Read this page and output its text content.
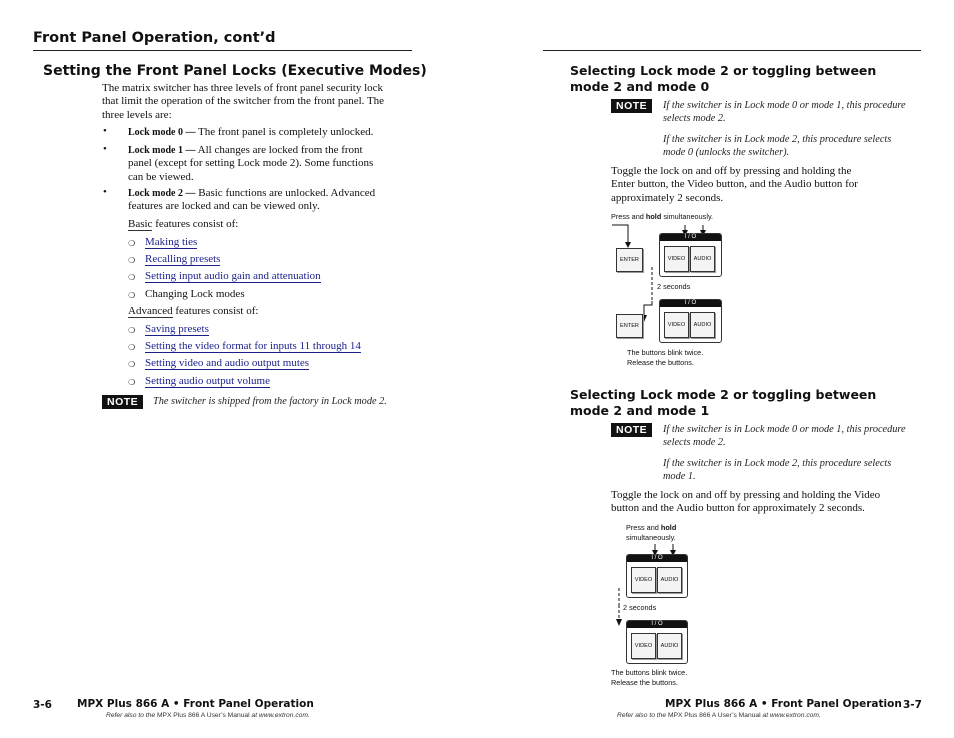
Front Panel Operation, cont’d
Setting the Front Panel Locks (Executive Modes)
The matrix switcher has three levels of front panel security lock
that limit the operation of the switcher from the front panel. The
three levels are:
• Lock mode 0 — The front panel is completely unlocked.
• Lock mode 1 — All changes are locked from the front
panel (except for setting Lock mode 2). Some functions
can be viewed.
• Lock mode 2 — Basic functions are unlocked. Advanced
features are locked and can be viewed only.
Basic features consist of:
❍ Making ties
❍ Recalling presets
❍ Setting input audio gain and attenuation
❍ Changing Lock modes
Advanced features consist of:
❍ Saving presets
❍ Setting the video format for inputs 11 through 14
❍ Setting video and audio output mutes
❍ Setting audio output volume
NOTE	The switcher is shipped from the factory in Lock mode 2.
3-6 MPX Plus 866 A • Front Panel Operation
Refer also to the MPX Plus 866 A User’s Manual at www.extron.com.
Selecting Lock mode 2 or toggling between
mode 2 and mode 0
NOTE	If the switcher is in Lock mode 0 or mode 1, this procedure
selects mode 2.
If the switcher is in Lock mode 2, this procedure selects
mode 0 (unlocks the switcher).
Toggle the lock on and off by pressing and holding the
Enter button, the Video button, and the Audio button for
approximately 2 seconds.
Press and hold simultaneously.
ENTER
I / O
VIDEO	AUDIO
2 seconds
ENTER
I / O
VIDEO	AUDIO
The buttons blink twice.
Release the buttons.
Selecting Lock mode 2 or toggling between
mode 2 and mode 1
NOTE	If the switcher is in Lock mode 0 or mode 1, this procedure
selects mode 2.
If the switcher is in Lock mode 2, this procedure selects
mode 1.
Toggle the lock on and off by pressing and holding the Video
button and the Audio button for approximately 2 seconds.
Press and hold
simultaneously.
I / O
VIDEO	AUDIO
2 seconds
I / O
VIDEO	AUDIO
The buttons blink twice.
Release the buttons.
MPX Plus 866 A • Front Panel Operation 3-7
Refer also to the MPX Plus 866 A User’s Manual at www.extron.com.
